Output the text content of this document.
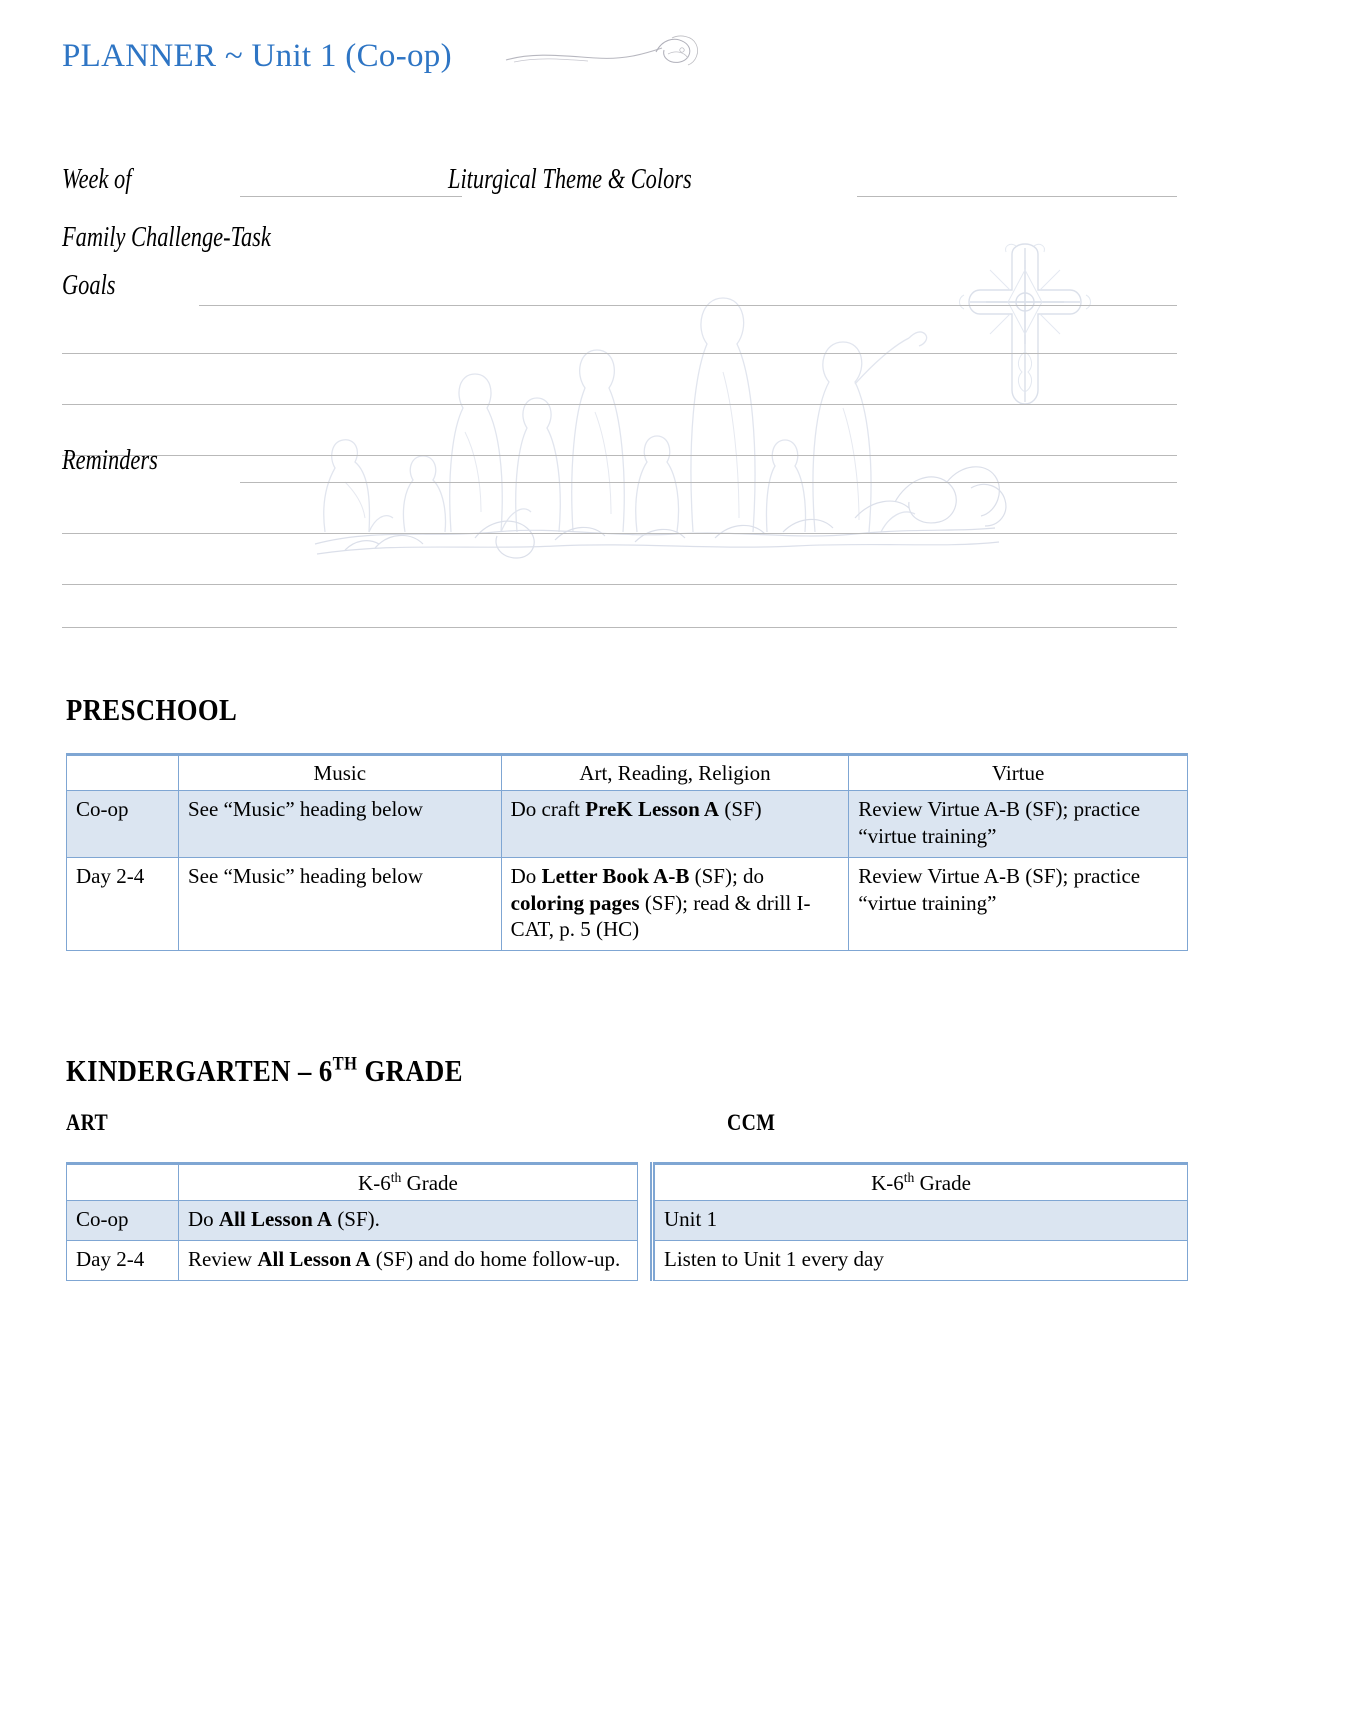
PLANNER ~ Unit 1 (Co-op)
Week of	Liturgical Theme & Colors
Family Challenge-Task
Goals
Reminders
PRESCHOOL
	Music	Art, Reading, Religion	Virtue
Co-op	See “Music” heading below	Do craft PreK Lesson A (SF)	Review Virtue A-B (SF); practice “virtue training”
Day 2-4	See “Music” heading below	Do Letter Book A-B (SF); do coloring pages (SF); read & drill I-CAT, p. 5 (HC)	Review Virtue A-B (SF); practice “virtue training”
KINDERGARTEN – 6TH GRADE
ART	CCM
	K-6th Grade
Co-op	Do All Lesson A (SF).
Day 2-4	Review All Lesson A (SF) and do home follow-up.
K-6th Grade
Unit 1
Listen to Unit 1 every day
